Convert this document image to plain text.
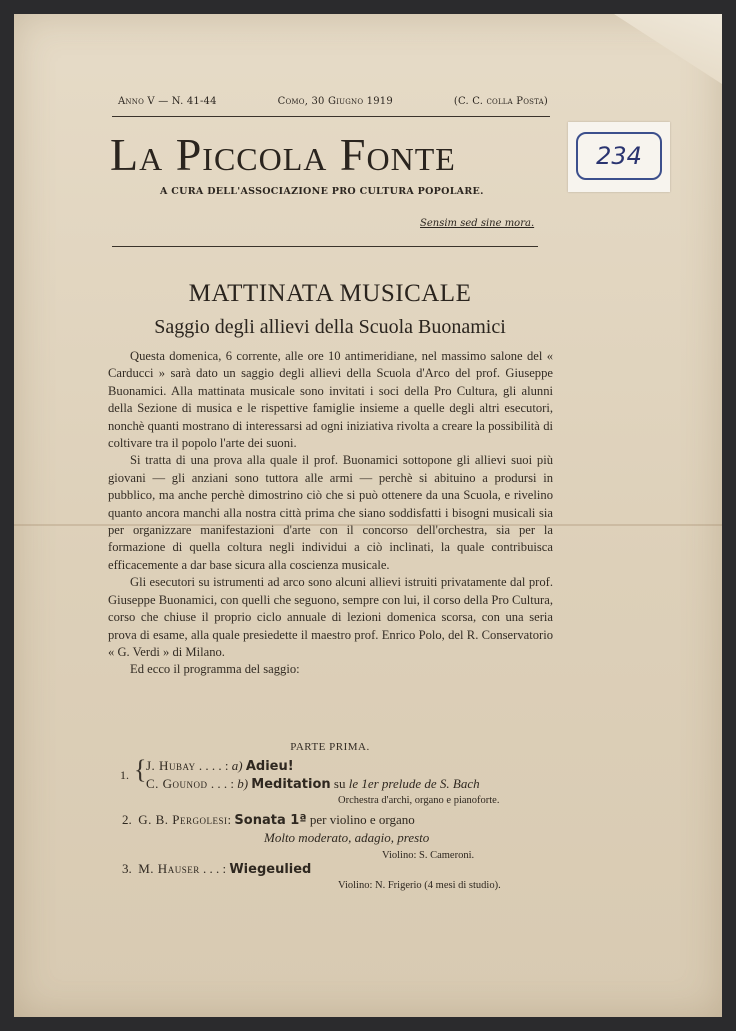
Anno V — N. 41-44	Como, 30 Giugno 1919	(C. C. colla Posta)
La Piccola Fonte
A CURA DELL'ASSOCIAZIONE PRO CULTURA POPOLARE.
Sensim sed sine mora.
234
MATTINATA MUSICALE
Saggio degli allievi della Scuola Buonamici

Questa domenica, 6 corrente, alle ore 10 antimeridiane, nel massimo salone del « Carducci » sarà dato un saggio degli allievi della Scuola d'Arco del prof. Giuseppe Buonamici. Alla mattinata musicale sono invitati i soci della Pro Cultura, gli alunni della Sezione di musica e le rispettive famiglie insieme a quelle degli altri esecutori, nonchè quanti mostrano di interessarsi ad ogni iniziativa rivolta a creare la possibilità di coltivare tra il popolo l'arte dei suoni.

Si tratta di una prova alla quale il prof. Buonamici sottopone gli allievi suoi più giovani — gli anziani sono tuttora alle armi — perchè si abituino a prodursi in pubblico, ma anche perchè dimostrino ciò che si può ottenere da una Scuola, e rivelino quanto ancora manchi alla nostra città prima che siano soddisfatti i bisogni musicali sia per organizzare manifestazioni d'arte con il concorso dell'orchestra, sia per la formazione di quella coltura negli individui a ciò inclinati, la quale contribuisca efficacemente a dar base sicura alla coscienza musicale.

Gli esecutori su istrumenti ad arco sono alcuni allievi istruiti privatamente dal prof. Giuseppe Buonamici, con quelli che seguono, sempre con lui, il corso della Pro Cultura, corso che chiuse il proprio ciclo annuale di lezioni domenica scorsa, con una seria prova di esame, alla quale presiedette il maestro prof. Enrico Polo, del R. Conservatorio « G. Verdi » di Milano.

Ed ecco il programma del saggio:

PARTE PRIMA.
1. { J. Hubay . . . . : a) Adieu!
C. Gounod . . . : b) Meditation su le 1er prelude de S. Bach
Orchestra d'archi, organo e pianoforte.
2. G. B. Pergolesi: Sonata 1ª per violino e organo
Molto moderato, adagio, presto
Violino: S. Cameroni.
3. M. Hauser . . . : Wiegeulied
Violino: N. Frigerio (4 mesi di studio).
